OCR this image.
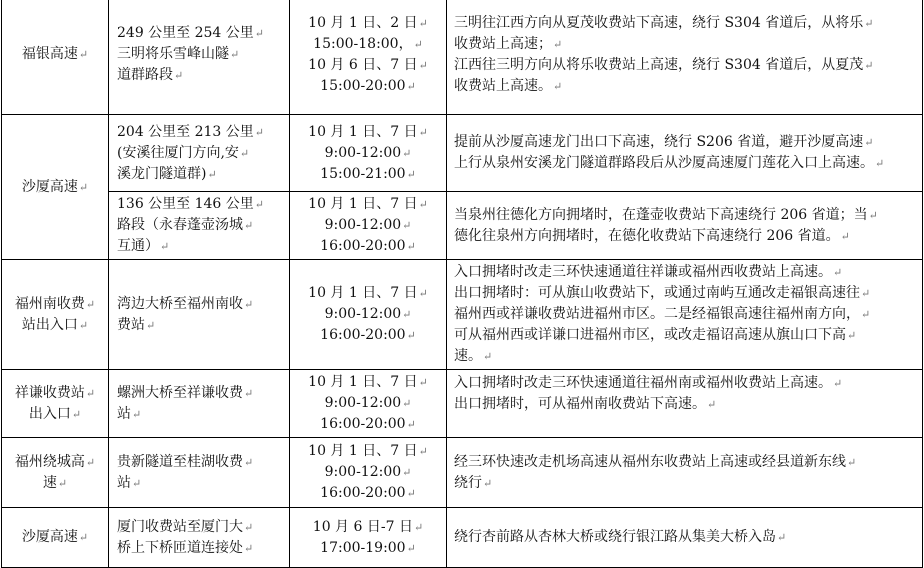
福银高速↵	249 公里至 254 公里↵
三明将乐雪峰山隧↵
道群路段↵	10 月 1 日、2 日↵
15:00-18:00，↵
10 月 6 日、7 日↵
15:00-20:00↵	三明往江西方向从夏茂收费站下高速，绕行 S304 省道后，从将乐↵
收费站上高速；↵
江西往三明方向从将乐收费站上高速，绕行 S304 省道后，从夏茂↵
收费站上高速。↵

沙厦高速↵	204 公里至 213 公里↵
(安溪往厦门方向,安↵
溪龙门隧道群)↵	10 月 1 日、7 日↵
9:00-12:00↵
15:00-21:00↵	提前从沙厦高速龙门出口下高速，绕行 S206 省道，避开沙厦高速↵
上行从泉州安溪龙门隧道群路段后从沙厦高速厦门莲花入口上高速。↵

	136 公里至 146 公里↵
路段（永春蓬壶汤城↵
互通）↵	10 月 1 日、7 日↵
9:00-12:00↵
16:00-20:00↵	当泉州往德化方向拥堵时，在蓬壶收费站下高速绕行 206 省道；当↵
德化往泉州方向拥堵时，在德化收费站下高速绕行 206 省道。↵

福州南收费↵
站出入口↵	湾边大桥至福州南收↵
费站↵	10 月 1 日、7 日↵
9:00-12:00↵
16:00-20:00↵	入口拥堵时改走三环快速通道往祥谦或福州西收费站上高速。↵
出口拥堵时：可从旗山收费站下，或通过南屿互通改走福银高速往↵
福州西或祥谦收费站进福州市区。二是经福银高速往福州南方向，↵
可从福州西或详谦口进福州市区，或改走福诏高速从旗山口下高↵
速。↵

祥谦收费站↵
出入口↵	螺洲大桥至祥谦收费↵
站↵	10 月 1 日、7 日↵
9:00-12:00↵
16:00-20:00↵	入口拥堵时改走三环快速通道往福州南或福州收费站上高速。↵
出口拥堵时，可从福州南收费站下高速。↵

福州绕城高↵
速↵	贵新隧道至桂湖收费↵
站↵	10 月 1 日、7 日↵
9:00-12:00↵
16:00-20:00↵	经三环快速改走机场高速从福州东收费站上高速或经县道新东线↵
绕行↵

沙厦高速↵	厦门收费站至厦门大↵
桥上下桥匝道连接处↵	10 月 6 日-7 日↵
17:00-19:00↵	绕行杏前路从杏林大桥或绕行银江路从集美大桥入岛↵
